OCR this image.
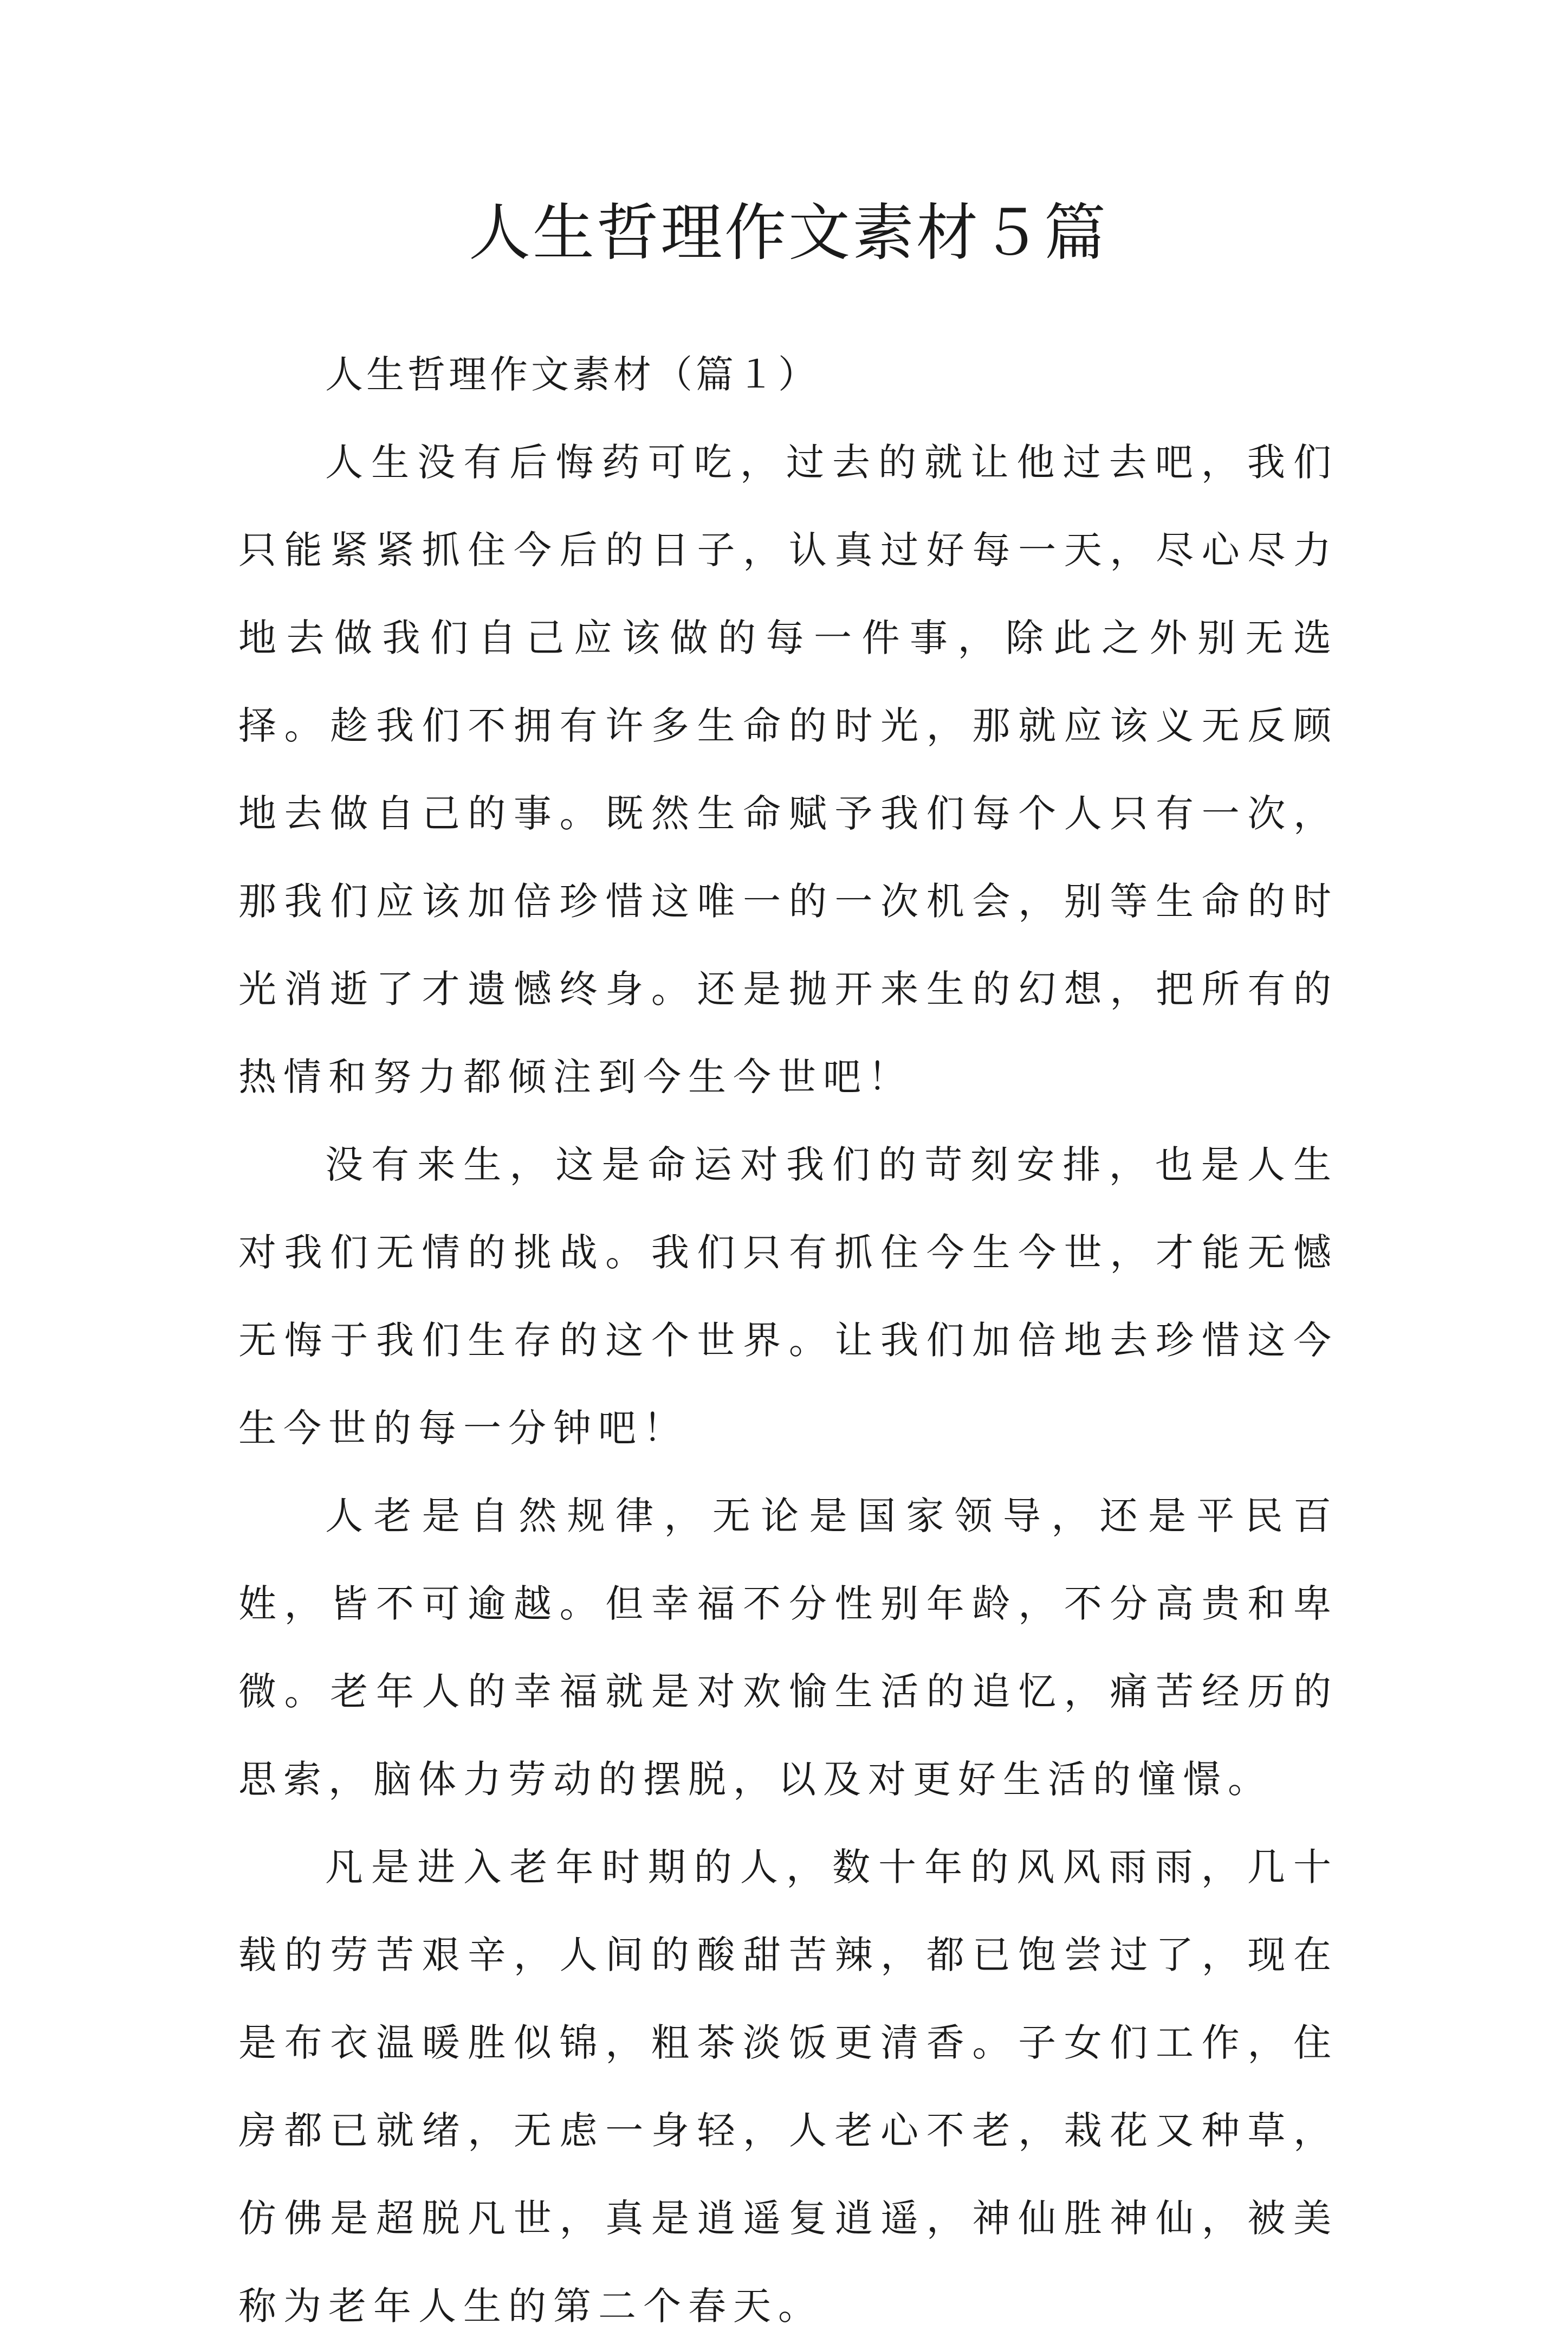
人生哲理作文素材５篇

人生哲理作文素材（篇１）

人生没有后悔药可吃，过去的就让他过去吧，我们只能紧紧抓住今后的日子，认真过好每一天，尽心尽力地去做我们自己应该做的每一件事，除此之外别无选择。趁我们不拥有许多生命的时光，那就应该义无反顾地去做自己的事。既然生命赋予我们每个人只有一次，那我们应该加倍珍惜这唯一的一次机会，别等生命的时光消逝了才遗憾终身。还是抛开来生的幻想，把所有的热情和努力都倾注到今生今世吧！

没有来生，这是命运对我们的苛刻安排，也是人生对我们无情的挑战。我们只有抓住今生今世，才能无憾无悔于我们生存的这个世界。让我们加倍地去珍惜这今生今世的每一分钟吧！

人老是自然规律，无论是国家领导，还是平民百姓，皆不可逾越。但幸福不分性别年龄，不分高贵和卑微。老年人的幸福就是对欢愉生活的追忆，痛苦经历的思索，脑体力劳动的摆脱，以及对更好生活的憧憬。

凡是进入老年时期的人，数十年的风风雨雨，几十载的劳苦艰辛，人间的酸甜苦辣，都已饱尝过了，现在是布衣温暖胜似锦，粗茶淡饭更清香。子女们工作，住房都已就绪，无虑一身轻，人老心不老，栽花又种草，仿佛是超脱凡世，真是逍遥复逍遥，神仙胜神仙，被美称为老年人生的第二个春天。
